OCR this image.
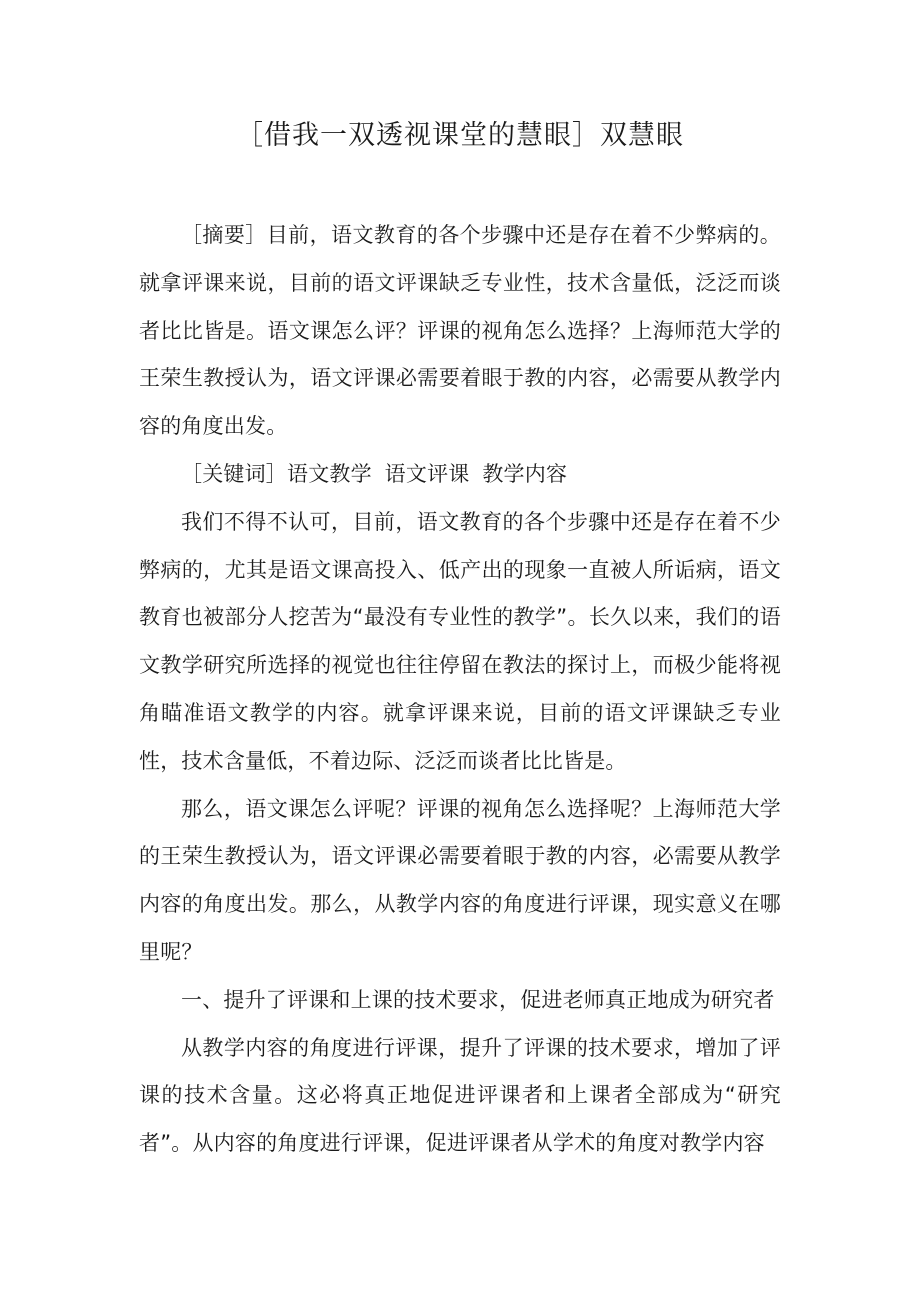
［借我一双透视课堂的慧眼］双慧眼

［摘要］目前，语文教育的各个步骤中还是存在着不少弊病的。就拿评课来说，目前的语文评课缺乏专业性，技术含量低，泛泛而谈者比比皆是。语文课怎么评？评课的视角怎么选择？上海师范大学的王荣生教授认为，语文评课必需要着眼于教的内容，必需要从教学内容的角度出发。

［关键词］语文教学 语文评课 教学内容

我们不得不认可，目前，语文教育的各个步骤中还是存在着不少弊病的，尤其是语文课高投入、低产出的现象一直被人所诟病，语文教育也被部分人挖苦为“最没有专业性的教学”。长久以来，我们的语文教学研究所选择的视觉也往往停留在教法的探讨上，而极少能将视角瞄准语文教学的内容。就拿评课来说，目前的语文评课缺乏专业性，技术含量低，不着边际、泛泛而谈者比比皆是。

那么，语文课怎么评呢？评课的视角怎么选择呢？上海师范大学的王荣生教授认为，语文评课必需要着眼于教的内容，必需要从教学内容的角度出发。那么，从教学内容的角度进行评课，现实意义在哪里呢？

一、提升了评课和上课的技术要求，促进老师真正地成为研究者

从教学内容的角度进行评课，提升了评课的技术要求，增加了评课的技术含量。这必将真正地促进评课者和上课者全部成为“研究者”。从内容的角度进行评课，促进评课者从学术的角度对教学内容
